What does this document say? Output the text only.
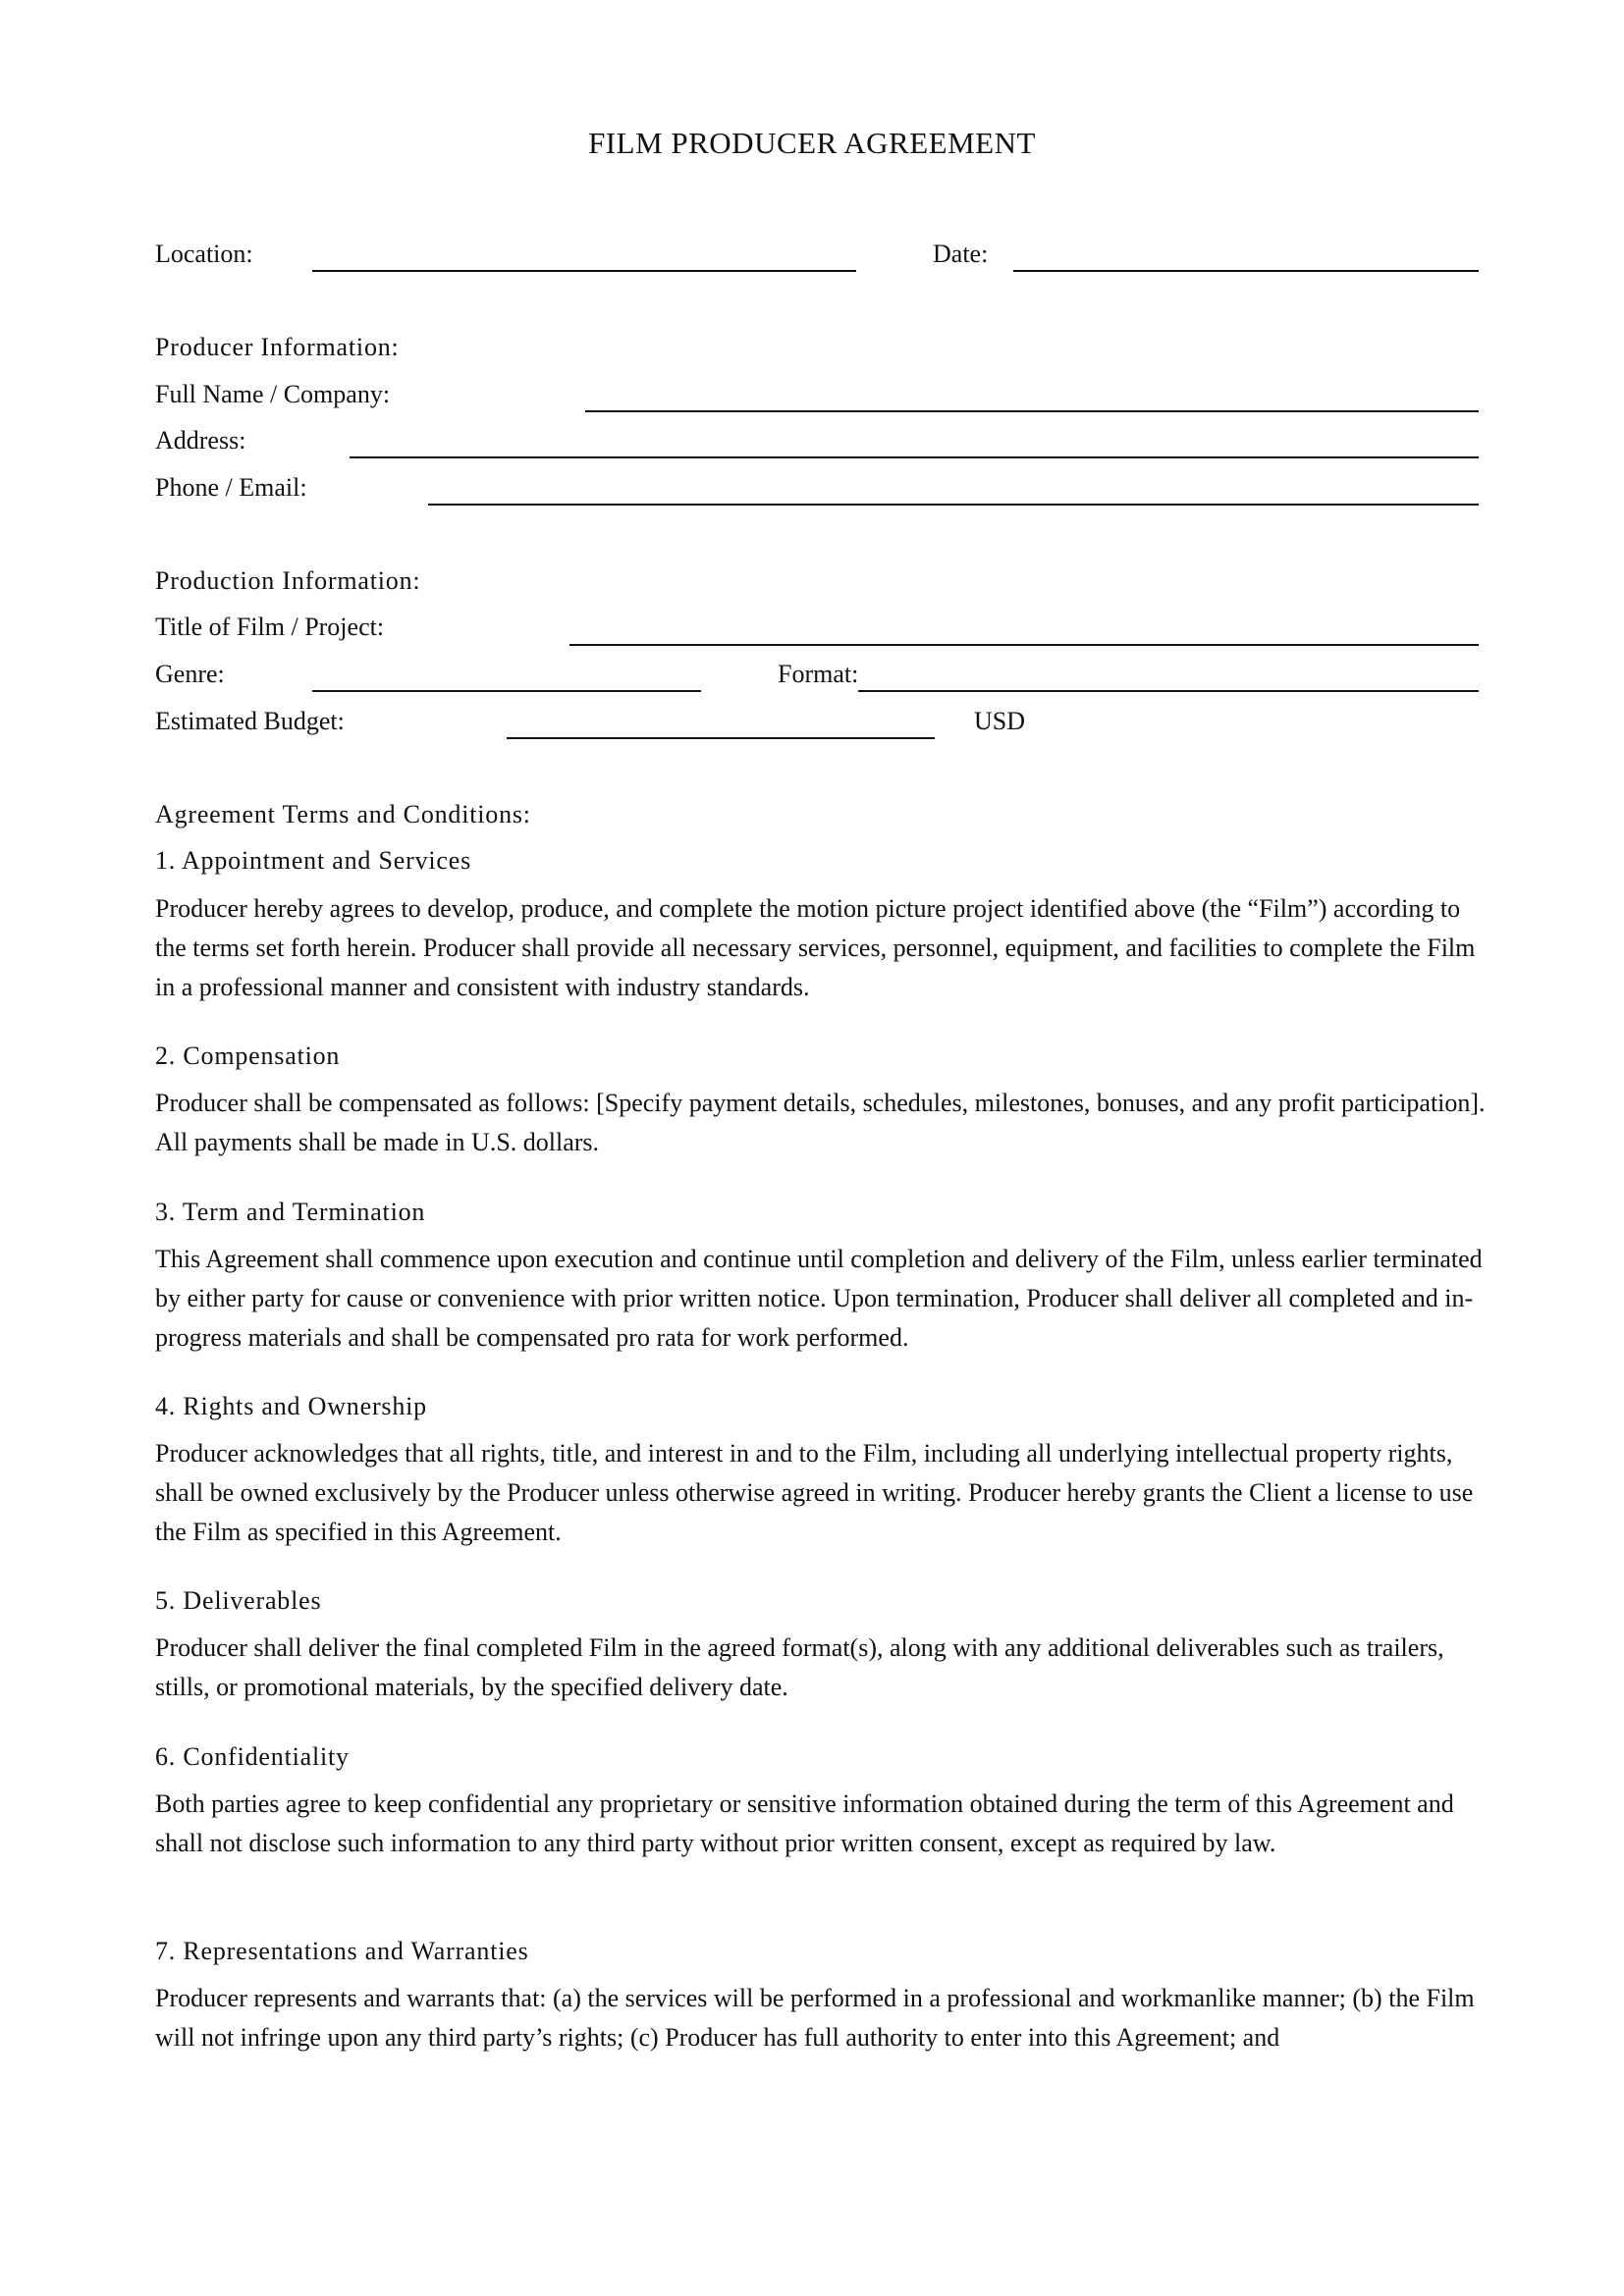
FILM PRODUCER AGREEMENT
Location:	Date:
Producer Information:
Full Name / Company:
Address:
Phone / Email:
Production Information:
Title of Film / Project:
Genre:	Format:
Estimated Budget:	USD
Agreement Terms and Conditions:
1. Appointment and Services

Producer hereby agrees to develop, produce, and complete the motion picture project identified above (the “Film”) according to the terms set forth herein. Producer shall provide all necessary services, personnel, equipment, and facilities to complete the Film in a professional manner and consistent with industry standards.

2. Compensation

Producer shall be compensated as follows: [Specify payment details, schedules, milestones, bonuses, and any profit participation]. All payments shall be made in U.S. dollars.

3. Term and Termination

This Agreement shall commence upon execution and continue until completion and delivery of the Film, unless earlier terminated by either party for cause or convenience with prior written notice. Upon termination, Producer shall deliver all completed and in-progress materials and shall be compensated pro rata for work performed.

4. Rights and Ownership

Producer acknowledges that all rights, title, and interest in and to the Film, including all underlying intellectual property rights, shall be owned exclusively by the Producer unless otherwise agreed in writing. Producer hereby grants the Client a license to use the Film as specified in this Agreement.

5. Deliverables

Producer shall deliver the final completed Film in the agreed format(s), along with any additional deliverables such as trailers, stills, or promotional materials, by the specified delivery date.

6. Confidentiality

Both parties agree to keep confidential any proprietary or sensitive information obtained during the term of this Agreement and shall not disclose such information to any third party without prior written consent, except as required by law.

7. Representations and Warranties

Producer represents and warrants that: (a) the services will be performed in a professional and workmanlike manner; (b) the Film will not infringe upon any third party’s rights; (c) Producer has full authority to enter into this Agreement; and
